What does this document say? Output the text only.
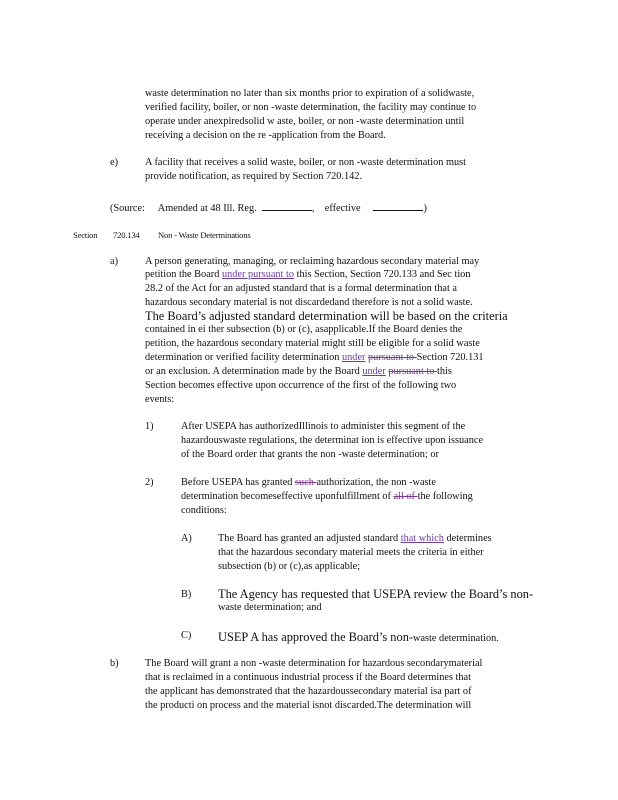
waste determination no later than six months prior to expiration of a solidwaste,
verified facility, boiler, or non -waste determination, the facility may continue to
operate under anexpiredsolid w aste, boiler, or non -waste determination until
receiving a decision on the re -application from the Board.
e)	A facility that receives a solid waste, boiler, or non -waste determination must
provide notification, as required by Section 720.142.
(Source: Amended at 48 Ill. Reg.	,    effective	)
Section 720.134 Non - Waste Determinations
a)	A person generating, managing, or reclaiming hazardous secondary material may
petition the Board under pursuant to this Section, Section 720.133 and Sec tion
28.2 of the Act for an adjusted standard that is a formal determination that a
hazardous secondary material is not discardedand therefore is not a solid waste.
The Board’s adjusted standard determination will be based on the criteria
contained in ei ther subsection (b) or (c), asapplicable.If the Board denies the
petition, the hazardous secondary material might still be eligible for a solid waste
determination or verified facility determination under pursuant to Section 720.131
or an exclusion. A determination made by the Board under pursuant to this
Section becomes effective upon occurrence of the first of the following two
events:
1)	After USEPA has authorizedIllinois to administer this segment of the
hazardouswaste regulations, the determinat ion is effective upon issuance
of the Board order that grants the non -waste determination; or
2)	Before USEPA has granted such authorization, the non -waste
determination becomeseffective uponfulfillment of all of the following
conditions:
A)	The Board has granted an adjusted standard that which determines
that the hazardous secondary material meets the criteria in either
subsection (b) or (c),as applicable;
B) The Agency has requested that USEPA review the Board’s non-
waste determination; and
C) USEP A has approved the Board’s non-waste determination.
b)	The Board will grant a non -waste determination for hazardous secondarymaterial
that is reclaimed in a continuous industrial process if the Board determines that
the applicant has demonstrated that the hazardoussecondary material isa part of
the producti on process and the material isnot discarded.The determination will
